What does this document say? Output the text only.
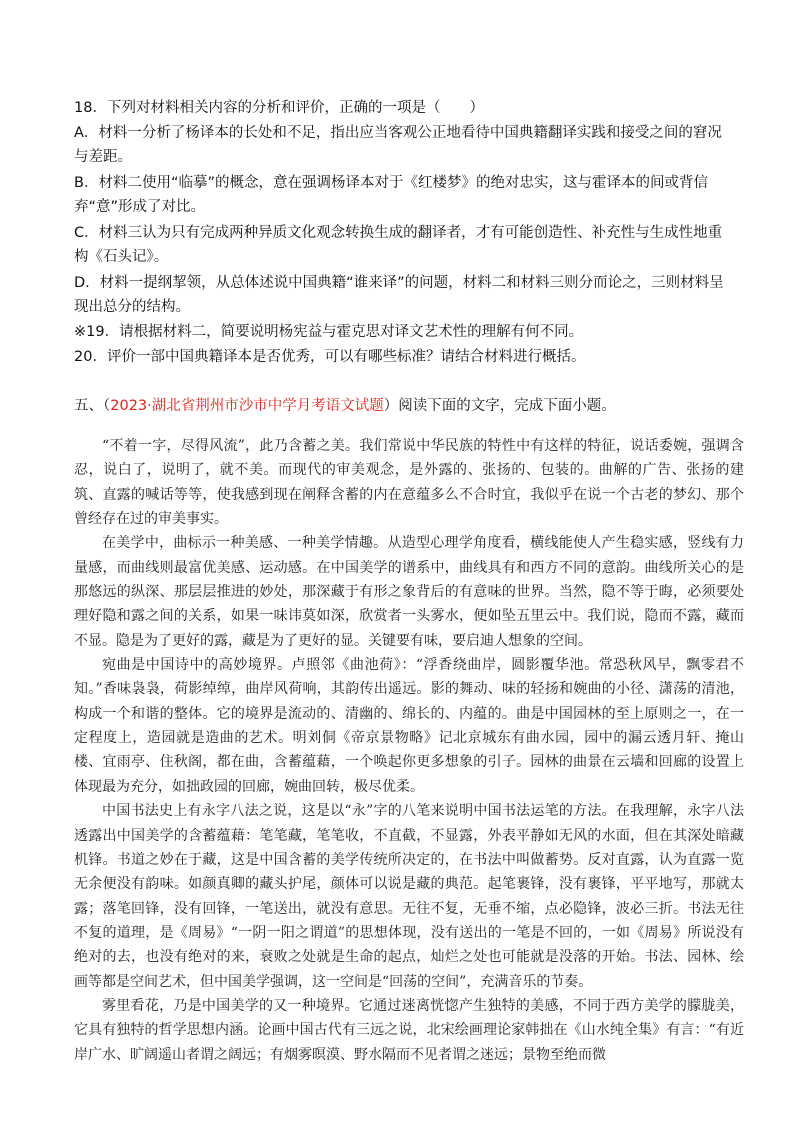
18．下列对材料相关内容的分析和评价，正确的一项是（　　）
A．材料一分析了杨译本的长处和不足，指出应当客观公正地看待中国典籍翻译实践和接受之间的窘况与差距。
B．材料二使用“临摹”的概念，意在强调杨译本对于《红楼梦》的绝对忠实，这与霍译本的间或背信弃“意”形成了对比。
C．材料三认为只有完成两种异质文化观念转换生成的翻译者，才有可能创造性、补充性与生成性地重构《石头记》。
D．材料一提纲挈领，从总体述说中国典籍“谁来译”的问题，材料二和材料三则分而论之，三则材料呈现出总分的结构。
※19．请根据材料二，简要说明杨宪益与霍克思对译文艺术性的理解有何不同。
20．评价一部中国典籍译本是否优秀，可以有哪些标准？请结合材料进行概括。
五、（2023·湖北省荆州市沙市中学月考语文试题）阅读下面的文字，完成下面小题。

“不着一字，尽得风流”，此乃含蓄之美。我们常说中华民族的特性中有这样的特征，说话委婉，强调含忍，说白了，说明了，就不美。而现代的审美观念，是外露的、张扬的、包装的。曲解的广告、张扬的建筑、直露的喊话等等，使我感到现在阐释含蓄的内在意蕴多么不合时宜，我似乎在说一个古老的梦幻、那个曾经存在过的审美事实。

在美学中，曲标示一种美感、一种美学情趣。从造型心理学角度看，横线能使人产生稳实感，竖线有力量感，而曲线则最富优美感、运动感。在中国美学的谱系中，曲线具有和西方不同的意韵。曲线所关心的是那悠远的纵深、那层层推进的妙处，那深藏于有形之象背后的有意味的世界。当然，隐不等于晦，必须要处理好隐和露之间的关系，如果一味讳莫如深，欣赏者一头雾水，便如坠五里云中。我们说，隐而不露，藏而不显。隐是为了更好的露，藏是为了更好的显。关键要有味，要启迪人想象的空间。

宛曲是中国诗中的高妙境界。卢照邻《曲池荷》：“浮香绕曲岸，圆影覆华池。常恐秋风早，飘零君不知。”香味袅袅，荷影绰绰，曲岸风荷响，其韵传出遥远。影的舞动、味的轻扬和婉曲的小径、潇荡的清池，构成一个和谐的整体。它的境界是流动的、清幽的、绵长的、内蕴的。曲是中国园林的至上原则之一，在一定程度上，造园就是造曲的艺术。明刘侗《帝京景物略》记北京城东有曲水园，园中的漏云透月轩、掩山楼、宜雨亭、住秋阁，都在曲，含蓄蕴藉，一个唤起你更多想象的引子。园林的曲景在云墙和回廊的设置上体现最为充分，如拙政园的回廊，婉曲回转，极尽优柔。

中国书法史上有永字八法之说，这是以“永”字的八笔来说明中国书法运笔的方法。在我理解，永字八法透露出中国美学的含蓄蕴藉：笔笔藏，笔笔收，不直截，不显露，外表平静如无风的水面，但在其深处暗藏机锋。书道之妙在于藏，这是中国含蓄的美学传统所决定的，在书法中叫做蓄势。反对直露，认为直露一览无余便没有韵味。如颜真卿的藏头护尾，颜体可以说是藏的典范。起笔裹锋，没有裹锋，平平地写，那就太露；落笔回锋，没有回锋，一笔送出，就没有意思。无往不复，无垂不缩，点必隐锋，波必三折。书法无往不复的道理，是《周易》“一阴一阳之谓道”的思想体现，没有送出的一笔是不回的，一如《周易》所说没有绝对的去，也没有绝对的来，衰败之处就是生命的起点，灿烂之处也可能就是没落的开始。书法、园林、绘画等都是空间艺术，但中国美学强调，这一空间是“回荡的空间”，充满音乐的节奏。

雾里看花，乃是中国美学的又一种境界。它通过迷离恍惚产生独特的美感，不同于西方美学的朦胧美，它具有独特的哲学思想内涵。论画中国古代有三远之说，北宋绘画理论家韩拙在《山水纯全集》有言：“有近岸广水、旷阔遥山者谓之阔远；有烟雾暝漠、野水隔而不见者谓之迷远；景物至绝而微
